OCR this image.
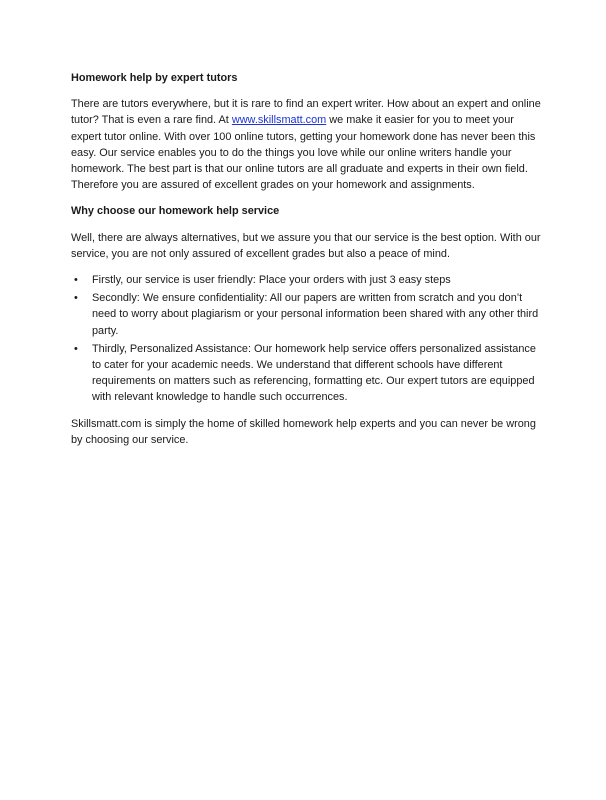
Homework help by expert tutors

There are tutors everywhere, but it is rare to find an expert writer. How about an expert and online tutor? That is even a rare find. At www.skillsmatt.com we make it easier for you to meet your expert tutor online. With over 100 online tutors, getting your homework done has never been this easy. Our service enables you to do the things you love while our online writers handle your homework. The best part is that our online tutors are all graduate and experts in their own field. Therefore you are assured of excellent grades on your homework and assignments.

Why choose our homework help service

Well, there are always alternatives, but we assure you that our service is the best option. With our service, you are not only assured of excellent grades but also a peace of mind.

• Firstly, our service is user friendly: Place your orders with just 3 easy steps
• Secondly: We ensure confidentiality: All our papers are written from scratch and you don’t need to worry about plagiarism or your personal information been shared with any other third party.
• Thirdly, Personalized Assistance: Our homework help service offers personalized assistance to cater for your academic needs. We understand that different schools have different requirements on matters such as referencing, formatting etc. Our expert tutors are equipped with relevant knowledge to handle such occurrences.

Skillsmatt.com is simply the home of skilled homework help experts and you can never be wrong by choosing our service.
